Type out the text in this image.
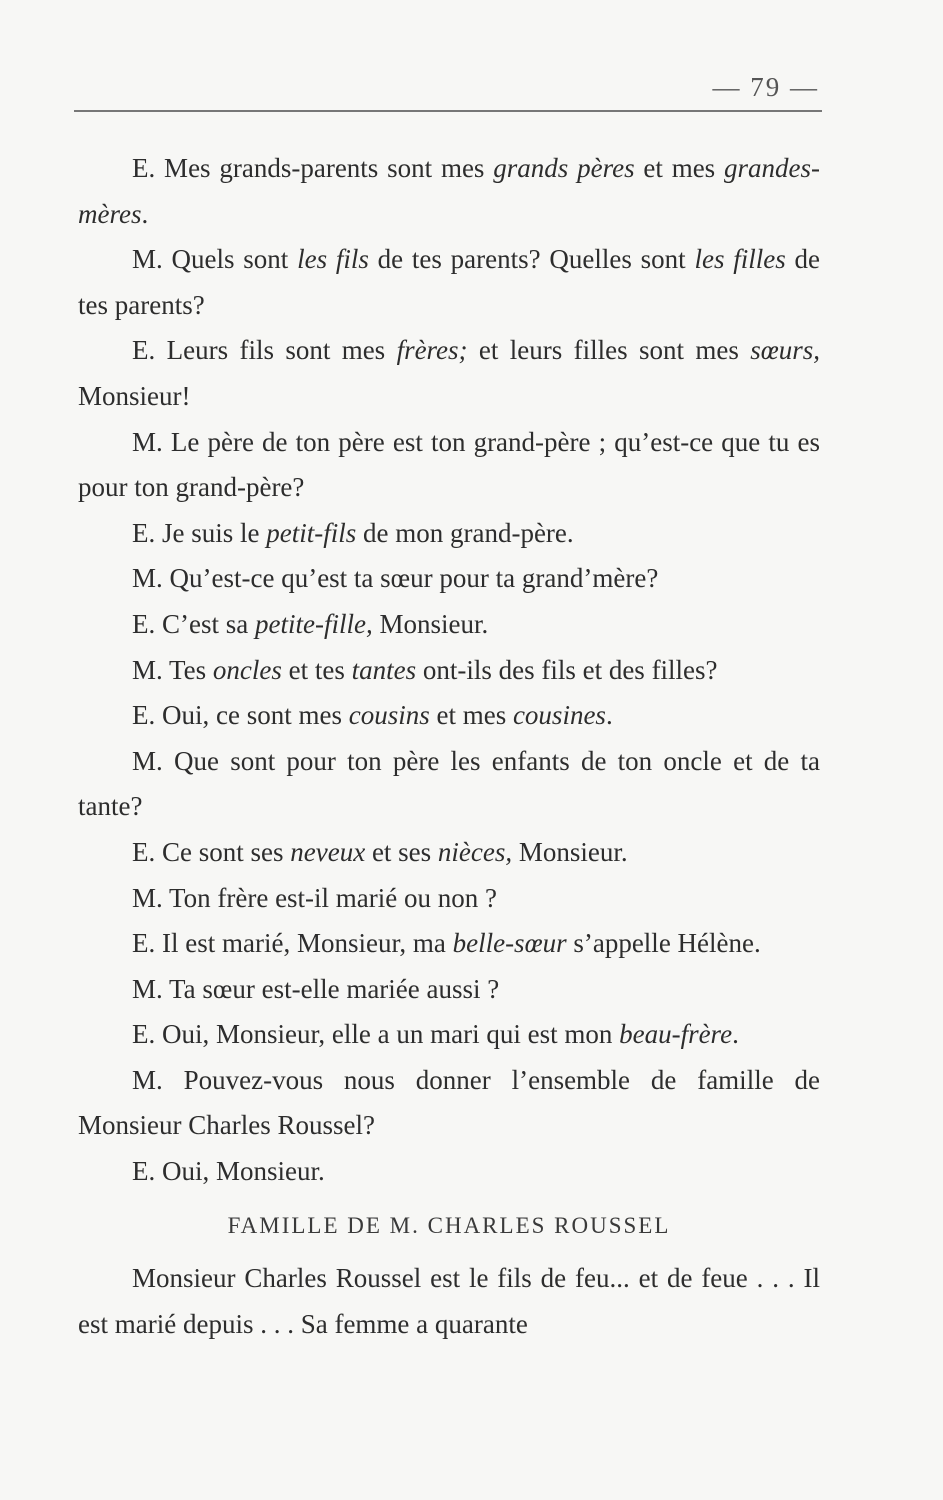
— 79 —

E. Mes grands-parents sont mes grands pères et mes grandes-mères.

M. Quels sont les fils de tes parents? Quelles sont les filles de tes parents?

E. Leurs fils sont mes frères; et leurs filles sont mes sœurs, Monsieur!

M. Le père de ton père est ton grand-père ; qu’est-ce que tu es pour ton grand-père?

E. Je suis le petit-fils de mon grand-père.

M. Qu’est-ce qu’est ta sœur pour ta grand’mère?

E. C’est sa petite-fille, Monsieur.

M. Tes oncles et tes tantes ont-ils des fils et des filles?

E. Oui, ce sont mes cousins et mes cousines.

M. Que sont pour ton père les enfants de ton oncle et de ta tante?

E. Ce sont ses neveux et ses nièces, Monsieur.

M. Ton frère est-il marié ou non ?

E. Il est marié, Monsieur, ma belle-sœur s’appelle Hélène.

M. Ta sœur est-elle mariée aussi ?

E. Oui, Monsieur, elle a un mari qui est mon beau-frère.

M. Pouvez-vous nous donner l’ensemble de famille de Monsieur Charles Roussel?

E. Oui, Monsieur.

FAMILLE DE M. CHARLES ROUSSEL

Monsieur Charles Roussel est le fils de feu... et de feue . . . Il est marié depuis . . . Sa femme a quarante
